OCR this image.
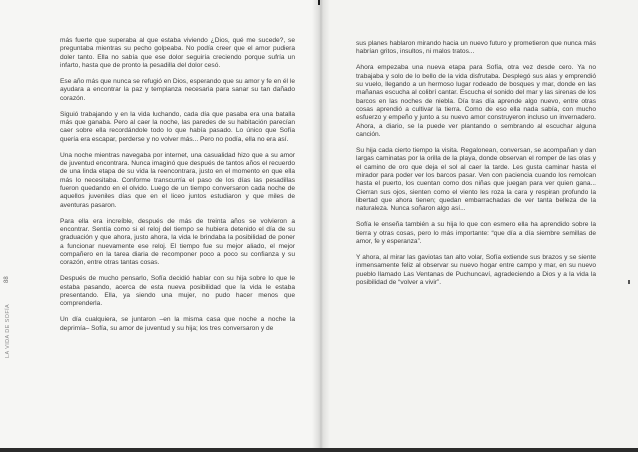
88
LA VIDA DE SOFÍA

más fuerte que superaba al que estaba viviendo ¿Dios, qué me sucede?, se preguntaba mientras su pecho golpeaba. No podía creer que el amor pudiera doler tanto. Ella no sabía que ese dolor seguiría creciendo porque sufría un infarto, hasta que de pronto la pesadilla del dolor cesó.

Ese año más que nunca se refugió en Dios, esperando que su amor y fe en él le ayudara a encontrar la paz y templanza necesaria para sanar su tan dañado corazón.

Siguió trabajando y en la vida luchando, cada día que pasaba era una batalla más que ganaba. Pero al caer la noche, las paredes de su habitación parecían caer sobre ella recordándole todo lo que había pasado. Lo único que Sofía quería era escapar, perderse y no volver más... Pero no podía, ella no era así.

Una noche mientras navegaba por internet, una casualidad hizo que a su amor de juventud encontrara. Nunca imaginó que después de tantos años el recuerdo de una linda etapa de su vida la reencontrara, justo en el momento en que ella más lo necesitaba. Conforme transcurría el paso de los días las pesadillas fueron quedando en el olvido. Luego de un tiempo conversaron cada noche de aquellos juveniles días que en el liceo juntos estudiaron y que miles de aventuras pasaron.

Para ella era increíble, después de más de treinta años se volvieron a encontrar. Sentía como si el reloj del tiempo se hubiera detenido el día de su graduación y que ahora, justo ahora, la vida le brindaba la posibilidad de poner a funcionar nuevamente ese reloj. El tiempo fue su mejor aliado, el mejor compañero en la tarea diaria de recomponer poco a poco su confianza y su corazón, entre otras tantas cosas.

Después de mucho pensarlo, Sofía decidió hablar con su hija sobre lo que le estaba pasando, acerca de esta nueva posibilidad que la vida le estaba presentando. Ella, ya siendo una mujer, no pudo hacer menos que comprenderla.

Un día cualquiera, se juntaron –en la misma casa que noche a noche la deprimía– Sofía, su amor de juventud y su hija; los tres conversaron y de

sus planes hablaron mirando hacia un nuevo futuro y prometieron que nunca más habrían gritos, insultos, ni malos tratos...

Ahora empezaba una nueva etapa para Sofía, otra vez desde cero. Ya no trabajaba y solo de lo bello de la vida disfrutaba. Desplegó sus alas y emprendió su vuelo, llegando a un hermoso lugar rodeado de bosques y mar, donde en las mañanas escucha al colibrí cantar. Escucha el sonido del mar y las sirenas de los barcos en las noches de niebla. Día tras día aprende algo nuevo, entre otras cosas aprendió a cultivar la tierra. Como de eso ella nada sabía, con mucho esfuerzo y empeño y junto a su nuevo amor construyeron incluso un invernadero. Ahora, a diario, se la puede ver plantando o sembrando al escuchar alguna canción.

Su hija cada cierto tiempo la visita. Regalonean, conversan, se acompañan y dan largas caminatas por la orilla de la playa, donde observan el romper de las olas y el camino de oro que deja el sol al caer la tarde. Les gusta caminar hasta el mirador para poder ver los barcos pasar. Ven con paciencia cuando los remolcan hasta el puerto, los cuentan como dos niñas que juegan para ver quien gana... Cierran sus ojos, sienten como el viento les roza la cara y respiran profundo la libertad que ahora tienen; quedan embarrachadas de ver tanta belleza de la naturaleza. Nunca soñaron algo así...

Sofía le enseña también a su hija lo que con esmero ella ha aprendido sobre la tierra y otras cosas, pero lo más importante: “que día a día siembre semillas de amor, fe y esperanza”.

Y ahora, al mirar las gaviotas tan alto volar, Sofía extiende sus brazos y se siente inmensamente feliz al observar su nuevo hogar entre campo y mar, en su nuevo pueblo llamado Las Ventanas de Puchuncaví, agradeciendo a Dios y a la vida la posibilidad de “volver a vivir”.
